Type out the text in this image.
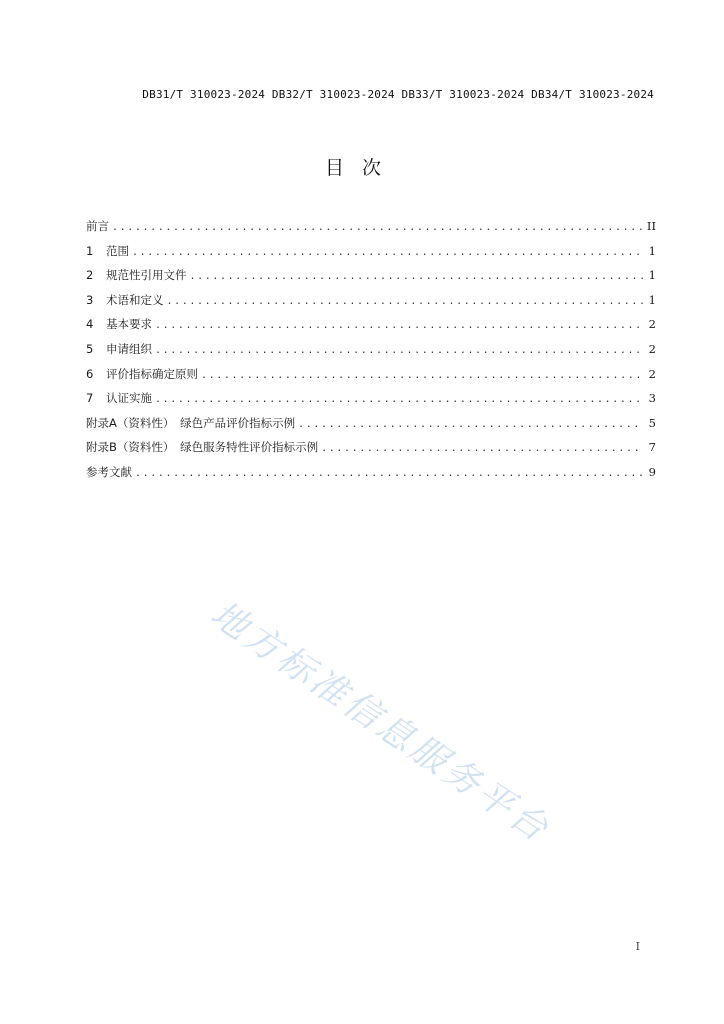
DB31/T 310023-2024 DB32/T 310023-2024 DB33/T 310023-2024 DB34/T 310023-2024
目次
前言 .....	II
1	范围 .....	1
2	规范性引用文件 .....	1
3	术语和定义 .....	1
4	基本要求 .....	2
5	申请组织 .....	2
6	评价指标确定原则 .....	2
7	认证实施 .....	3
附录A（资料性）　绿色产品评价指标示例 .....	5
附录B（资料性）　绿色服务特性评价指标示例 .....	7
参考文献 .....	9
地方标准信息服务平台
I
